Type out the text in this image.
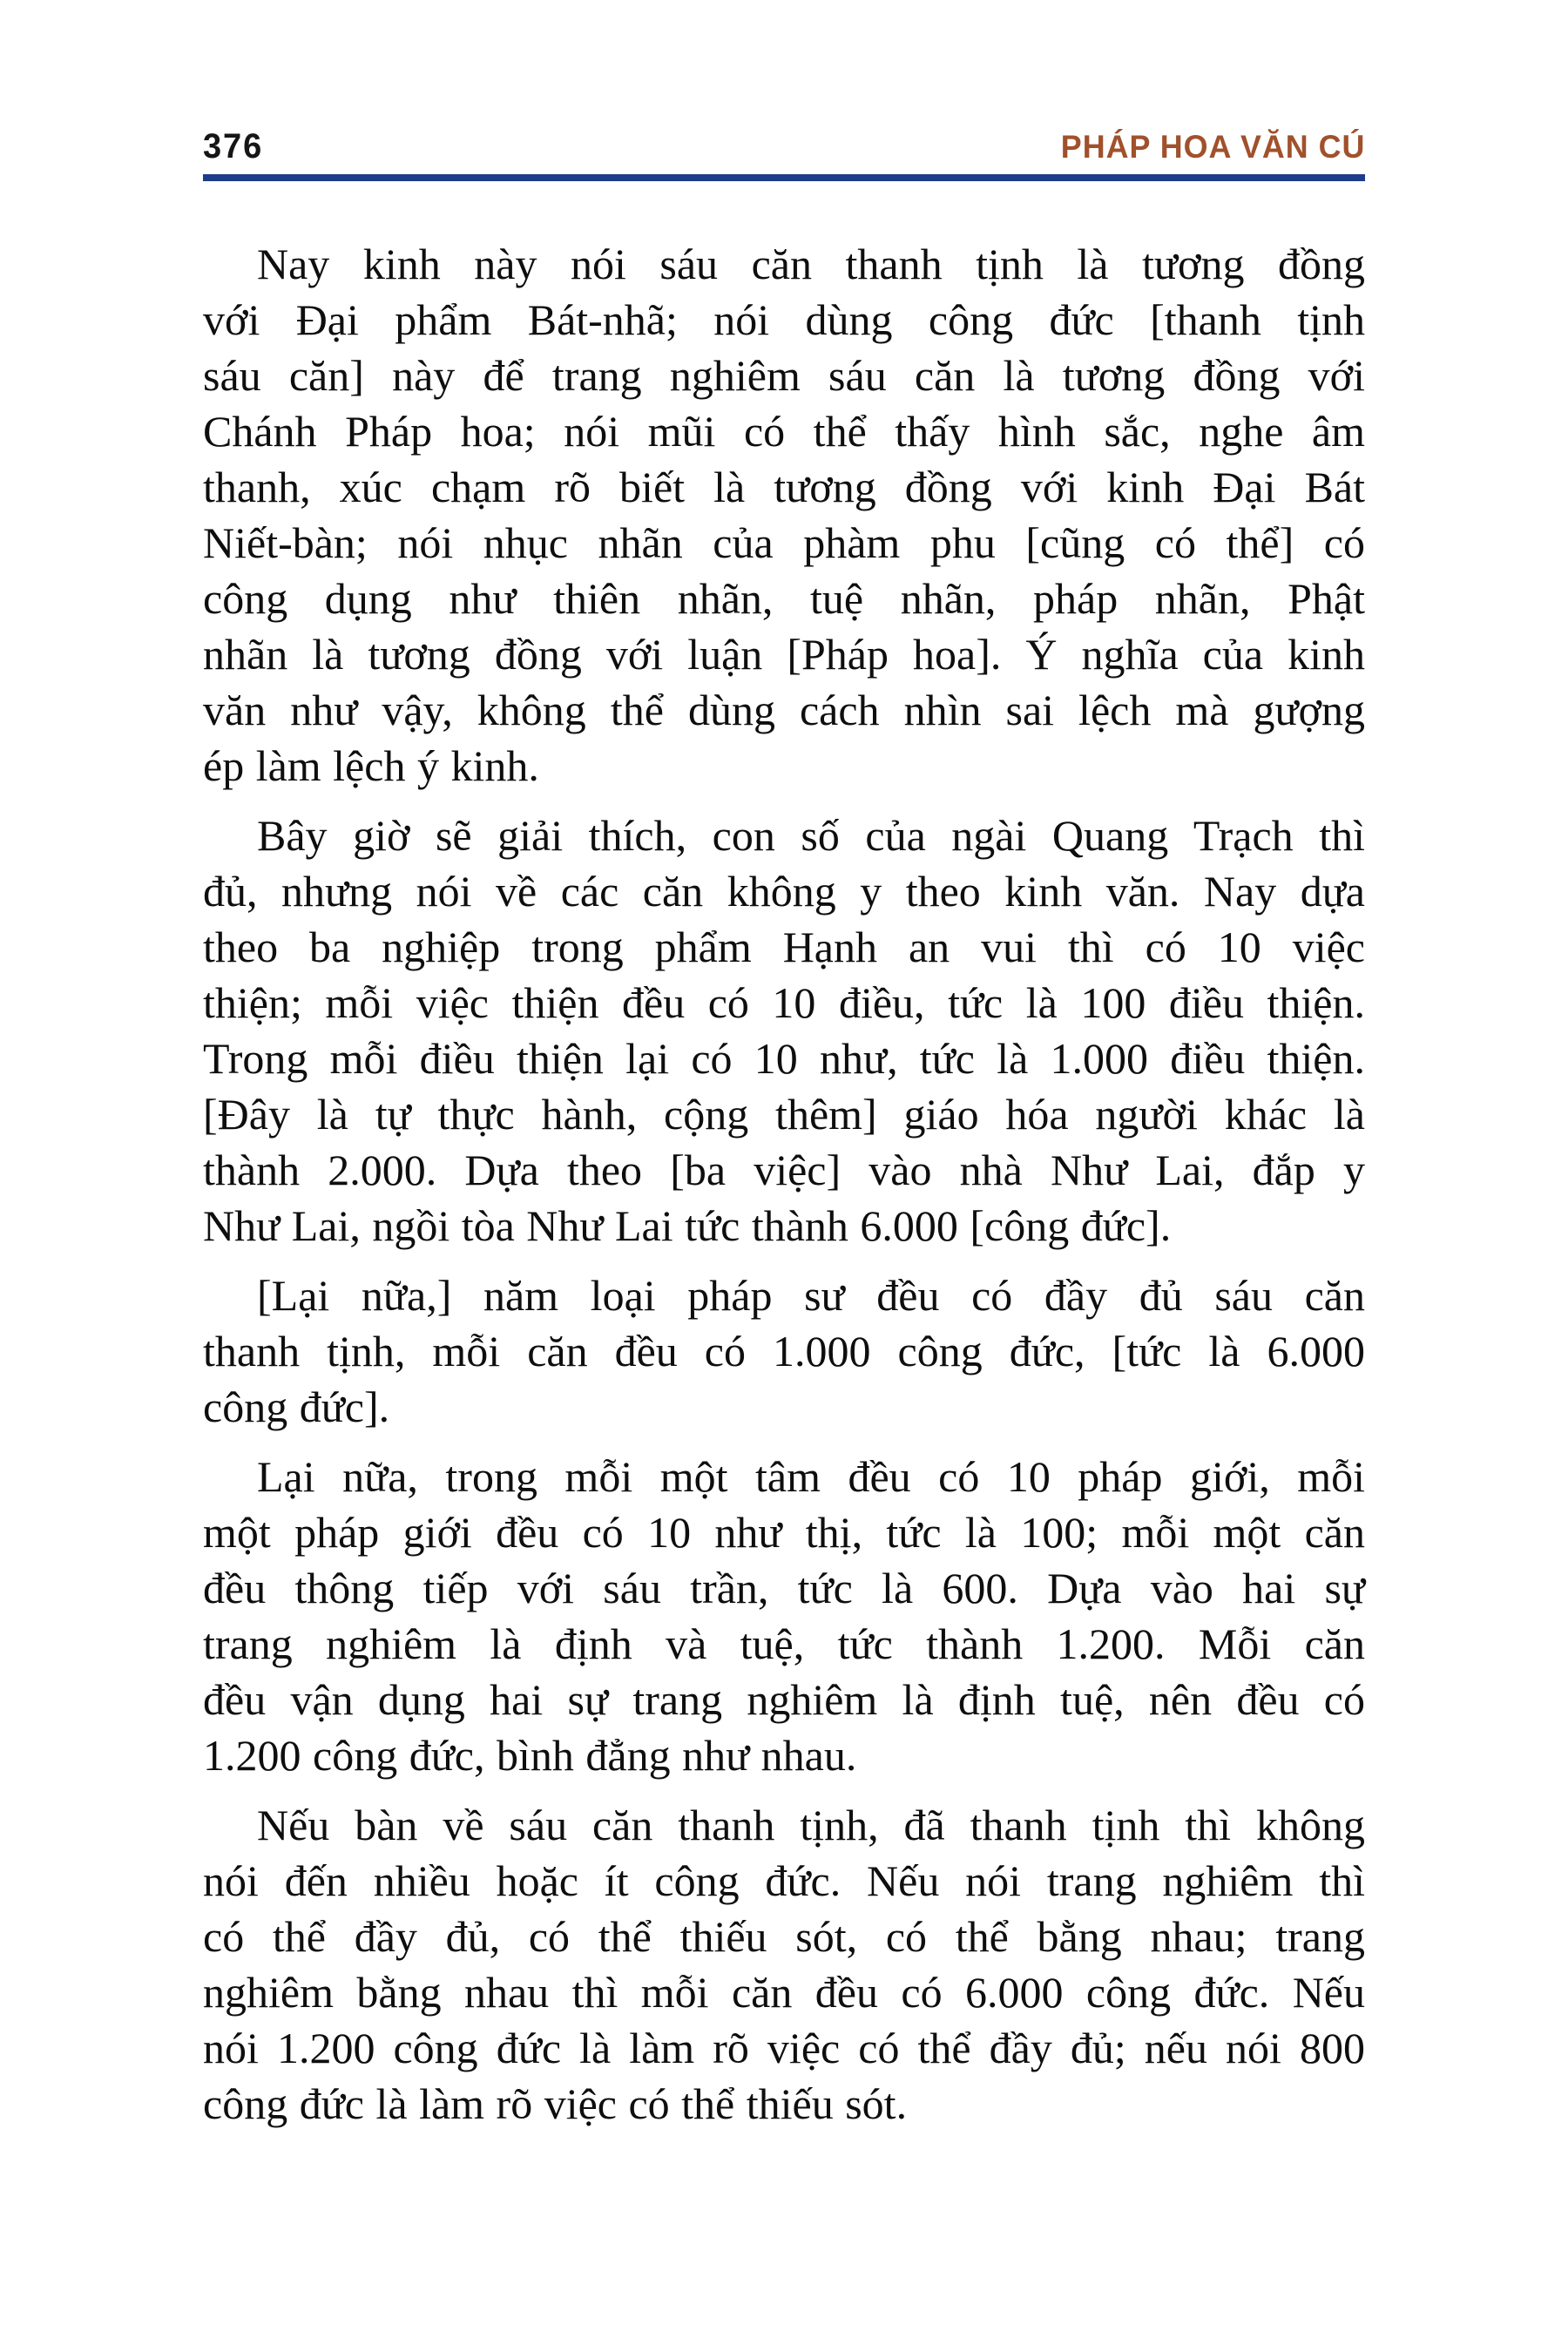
376	PHÁP HOA VĂN CÚ

Nay kinh này nói sáu căn thanh tịnh là tương đồng
với Đại phẩm Bát-nhã; nói dùng công đức [thanh tịnh
sáu căn] này để trang nghiêm sáu căn là tương đồng với
Chánh Pháp hoa; nói mũi có thể thấy hình sắc, nghe âm
thanh, xúc chạm rõ biết là tương đồng với kinh Đại Bát
Niết-bàn; nói nhục nhãn của phàm phu [cũng có thể] có
công dụng như thiên nhãn, tuệ nhãn, pháp nhãn, Phật
nhãn là tương đồng với luận [Pháp hoa]. Ý nghĩa của kinh
văn như vậy, không thể dùng cách nhìn sai lệch mà gượng
ép làm lệch ý kinh.

Bây giờ sẽ giải thích, con số của ngài Quang Trạch thì
đủ, nhưng nói về các căn không y theo kinh văn. Nay dựa
theo ba nghiệp trong phẩm Hạnh an vui thì có 10 việc
thiện; mỗi việc thiện đều có 10 điều, tức là 100 điều thiện.
Trong mỗi điều thiện lại có 10 như, tức là 1.000 điều thiện.
[Đây là tự thực hành, cộng thêm] giáo hóa người khác là
thành 2.000. Dựa theo [ba việc] vào nhà Như Lai, đắp y
Như Lai, ngồi tòa Như Lai tức thành 6.000 [công đức].

[Lại nữa,] năm loại pháp sư đều có đầy đủ sáu căn
thanh tịnh, mỗi căn đều có 1.000 công đức, [tức là 6.000
công đức].

Lại nữa, trong mỗi một tâm đều có 10 pháp giới, mỗi
một pháp giới đều có 10 như thị, tức là 100; mỗi một căn
đều thông tiếp với sáu trần, tức là 600. Dựa vào hai sự
trang nghiêm là định và tuệ, tức thành 1.200. Mỗi căn
đều vận dụng hai sự trang nghiêm là định tuệ, nên đều có
1.200 công đức, bình đẳng như nhau.

Nếu bàn về sáu căn thanh tịnh, đã thanh tịnh thì không
nói đến nhiều hoặc ít công đức. Nếu nói trang nghiêm thì
có thể đầy đủ, có thể thiếu sót, có thể bằng nhau; trang
nghiêm bằng nhau thì mỗi căn đều có 6.000 công đức. Nếu
nói 1.200 công đức là làm rõ việc có thể đầy đủ; nếu nói 800
công đức là làm rõ việc có thể thiếu sót.
